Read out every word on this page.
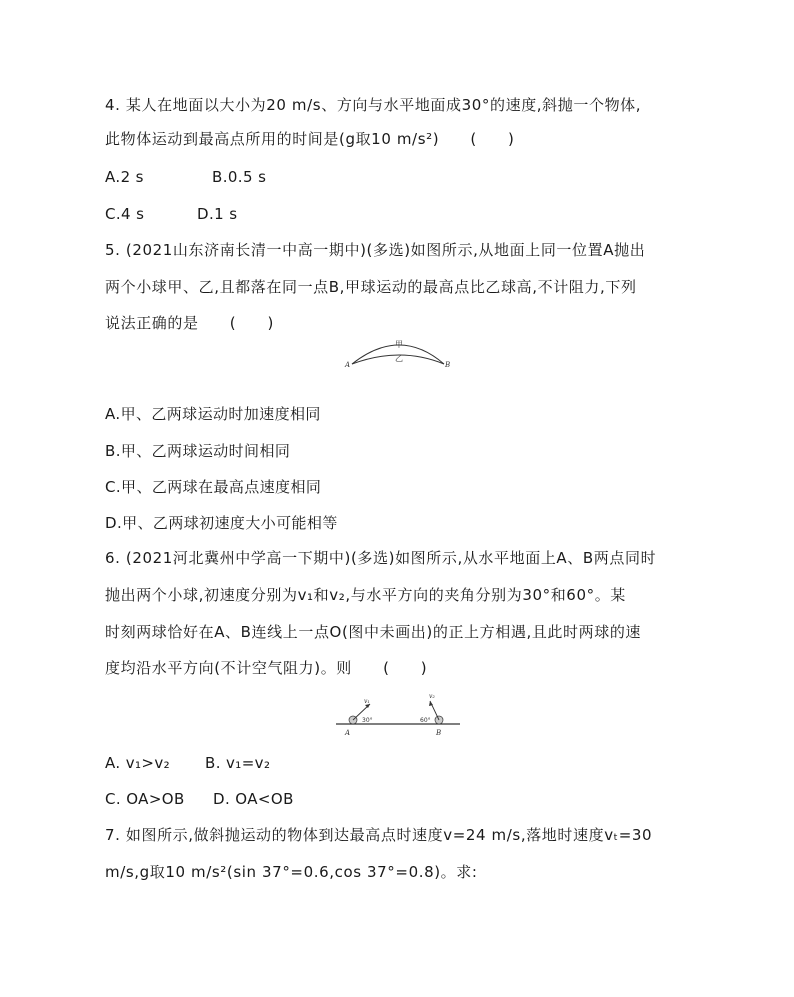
4. 某人在地面以大小为20 m/s、方向与水平地面成30°的速度,斜抛一个物体,
此物体运动到最高点所用的时间是(g取10 m/s²)　　(　　)
A.2 s	B.0.5 s
C.4 s	D.1 s
5. (2021山东济南长清一中高一期中)(多选)如图所示,从地面上同一位置A抛出
两个小球甲、乙,且都落在同一点B,甲球运动的最高点比乙球高,不计阻力,下列
说法正确的是　　(　　)
甲
乙
A	B
A.甲、乙两球运动时加速度相同
B.甲、乙两球运动时间相同
C.甲、乙两球在最高点速度相同
D.甲、乙两球初速度大小可能相等
6. (2021河北冀州中学高一下期中)(多选)如图所示,从水平地面上A、B两点同时
抛出两个小球,初速度分别为v₁和v₂,与水平方向的夹角分别为30°和60°。某
时刻两球恰好在A、B连线上一点O(图中未画出)的正上方相遇,且此时两球的速
度均沿水平方向(不计空气阻力)。则　　(　　)
v₁
v₂
30°	60°
A	B
A. v₁>v₂ B. v₁=v₂
C. OA>OB D. OA<OB
7. 如图所示,做斜抛运动的物体到达最高点时速度v=24 m/s,落地时速度vₜ=30
m/s,g取10 m/s²(sin 37°=0.6,cos 37°=0.8)。求:
